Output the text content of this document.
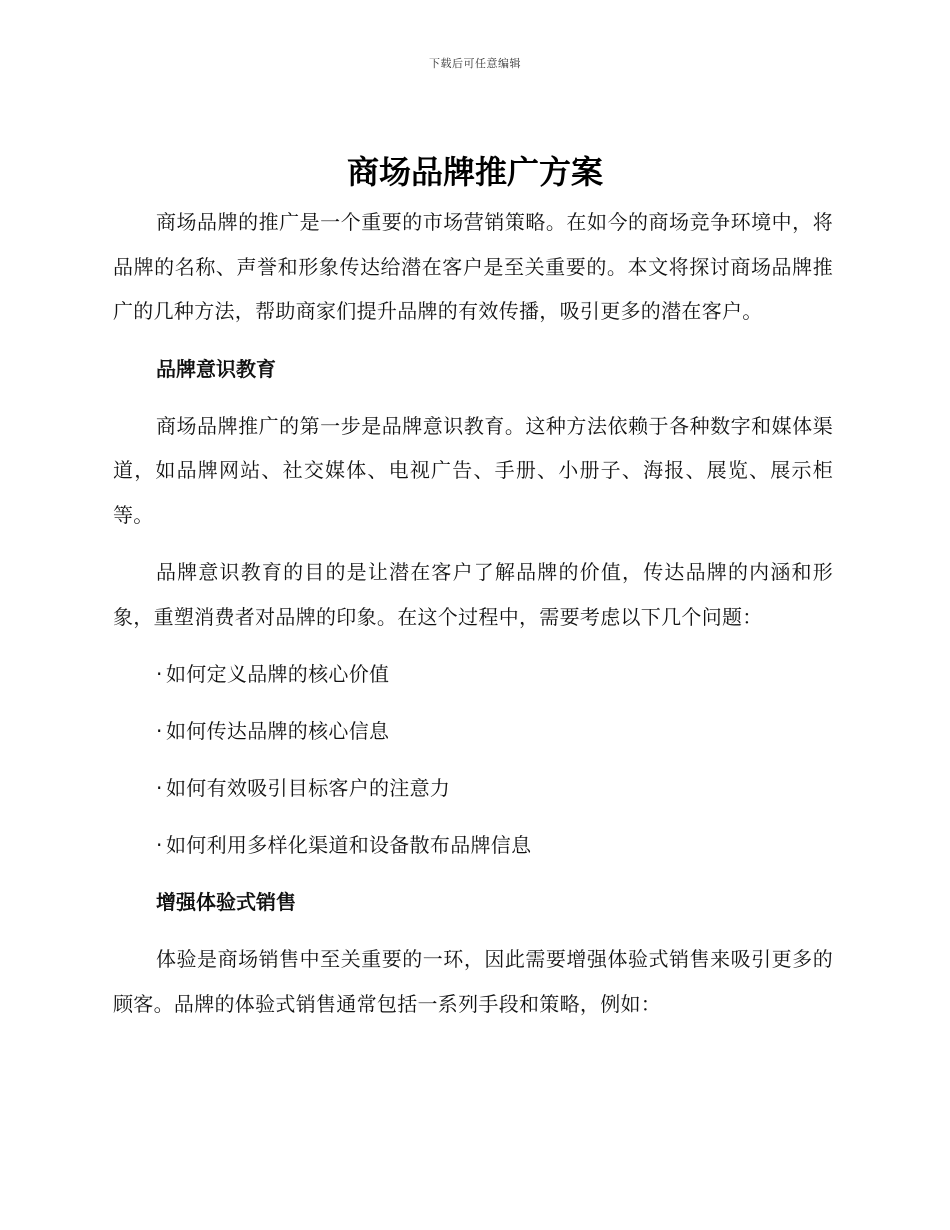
下载后可任意编辑
商场品牌推广方案

商场品牌的推广是一个重要的市场营销策略。在如今的商场竞争环境中，将品牌的名称、声誉和形象传达给潜在客户是至关重要的。本文将探讨商场品牌推广的几种方法，帮助商家们提升品牌的有效传播，吸引更多的潜在客户。

品牌意识教育

商场品牌推广的第一步是品牌意识教育。这种方法依赖于各种数字和媒体渠道，如品牌网站、社交媒体、电视广告、手册、小册子、海报、展览、展示柜等。

品牌意识教育的目的是让潜在客户了解品牌的价值，传达品牌的内涵和形象，重塑消费者对品牌的印象。在这个过程中，需要考虑以下几个问题：

· 如何定义品牌的核心价值
· 如何传达品牌的核心信息
· 如何有效吸引目标客户的注意力
· 如何利用多样化渠道和设备散布品牌信息
增强体验式销售

体验是商场销售中至关重要的一环，因此需要增强体验式销售来吸引更多的顾客。品牌的体验式销售通常包括一系列手段和策略，例如：
